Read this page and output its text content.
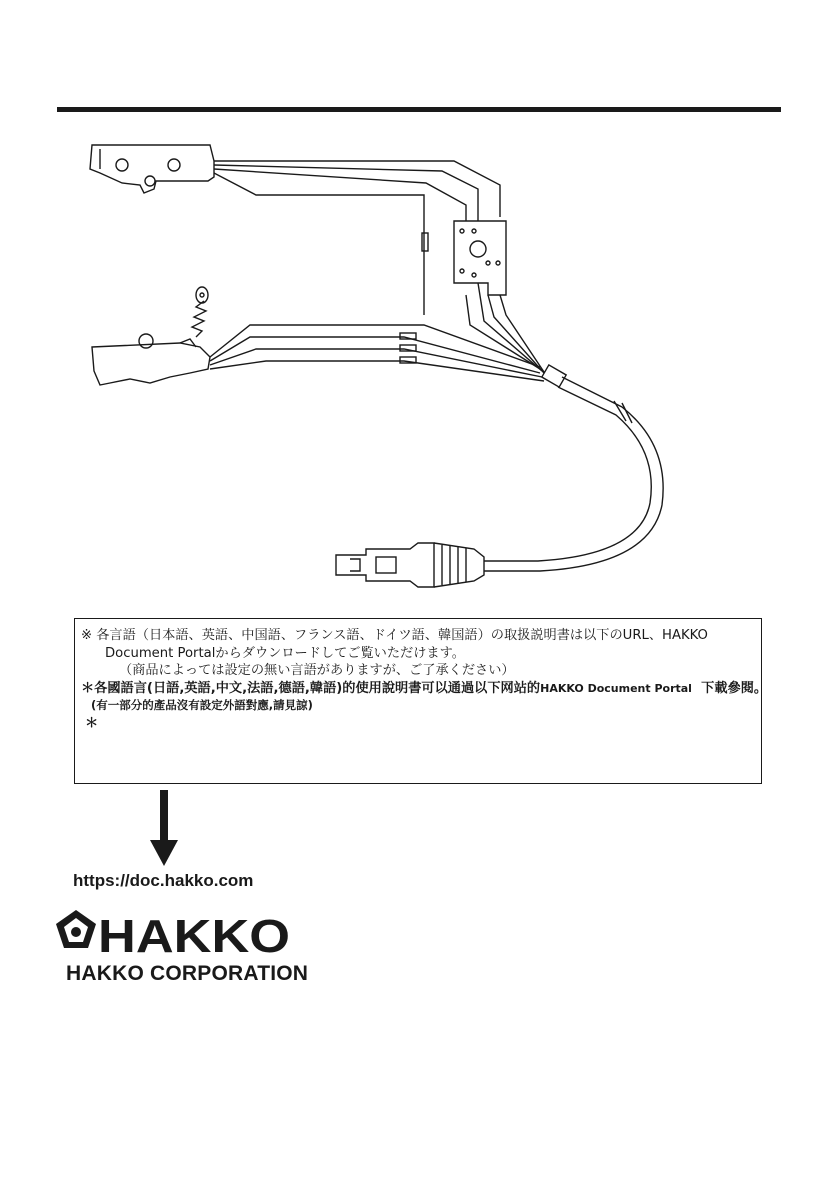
※ 各言語（日本語、英語、中国語、フランス語、ドイツ語、韓国語）の取扱説明書は以下のURL、HAKKO
Document Portalからダウンロードしてご覧いただけます。
（商品によっては設定の無い言語がありますが、ご了承ください）
＊各國語言(日語,英語,中文,法語,德語,韓語)的使用說明書可以通過以下网站的HAKKO Document Portal 下載參閱。
(有一部分的產品沒有設定外語對應,請見諒)
＊
https://doc.hakko.com
HAKKO
HAKKO CORPORATION
